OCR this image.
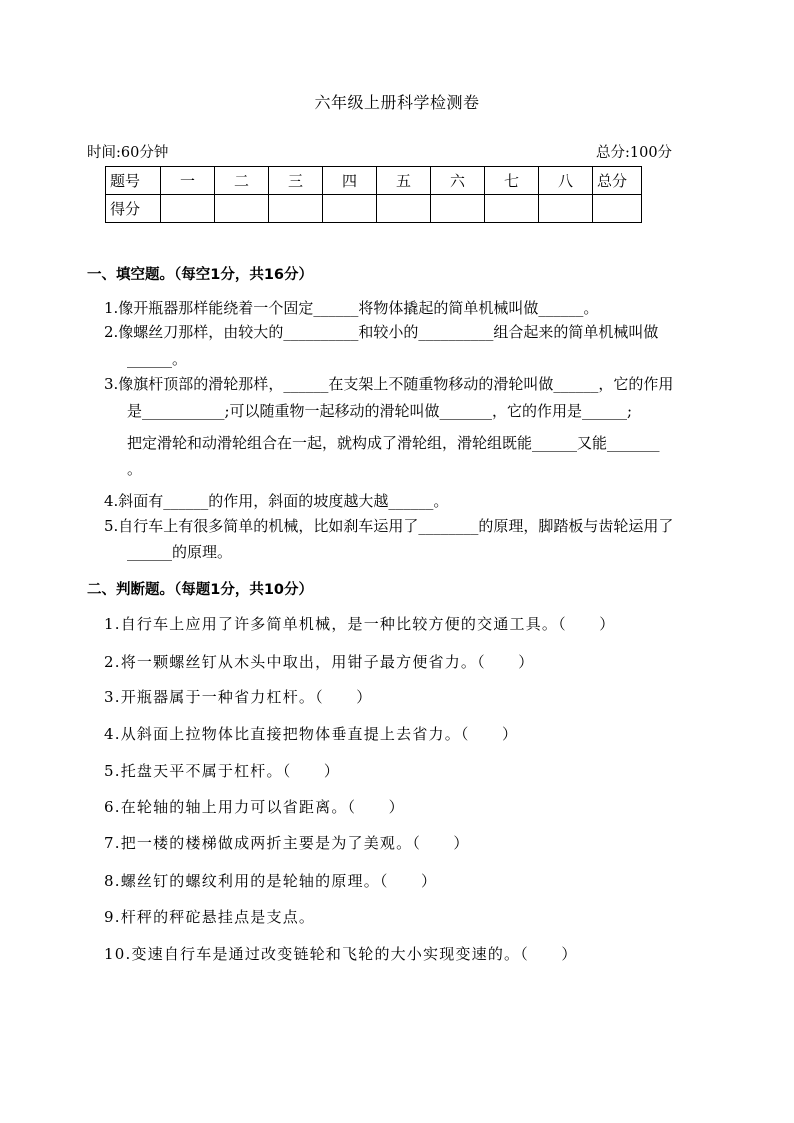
六年级上册科学检测卷
时间:60分钟	总分:100分
题号	一	二	三	四	五	六	七	八	总分
得分									
一、填空题。（每空1分，共16分）
1.像开瓶器那样能绕着一个固定______将物体撬起的简单机械叫做______。
2.像螺丝刀那样，由较大的__________和较小的__________组合起来的简单机械叫做
______。
3.像旗杆顶部的滑轮那样，______在支架上不随重物移动的滑轮叫做______，它的作用
是___________;可以随重物一起移动的滑轮叫做_______，它的作用是______;
把定滑轮和动滑轮组合在一起，就构成了滑轮组，滑轮组既能______又能_______
。
4.斜面有______的作用，斜面的坡度越大越______。
5.自行车上有很多简单的机械，比如刹车运用了________的原理，脚踏板与齿轮运用了
______的原理。
二、判断题。（每题1分，共10分）
1.自行车上应用了许多简单机械，是一种比较方便的交通工具。（　　）
2.将一颗螺丝钉从木头中取出，用钳子最方便省力。（　　）
3.开瓶器属于一种省力杠杆。（　　）
4.从斜面上拉物体比直接把物体垂直提上去省力。（　　）
5.托盘天平不属于杠杆。（　　）
6.在轮轴的轴上用力可以省距离。（　　）
7.把一楼的楼梯做成两折主要是为了美观。（　　）
8.螺丝钉的螺纹利用的是轮轴的原理。（　　）
9.杆秤的秤砣悬挂点是支点。
10.变速自行车是通过改变链轮和飞轮的大小实现变速的。（　　）
